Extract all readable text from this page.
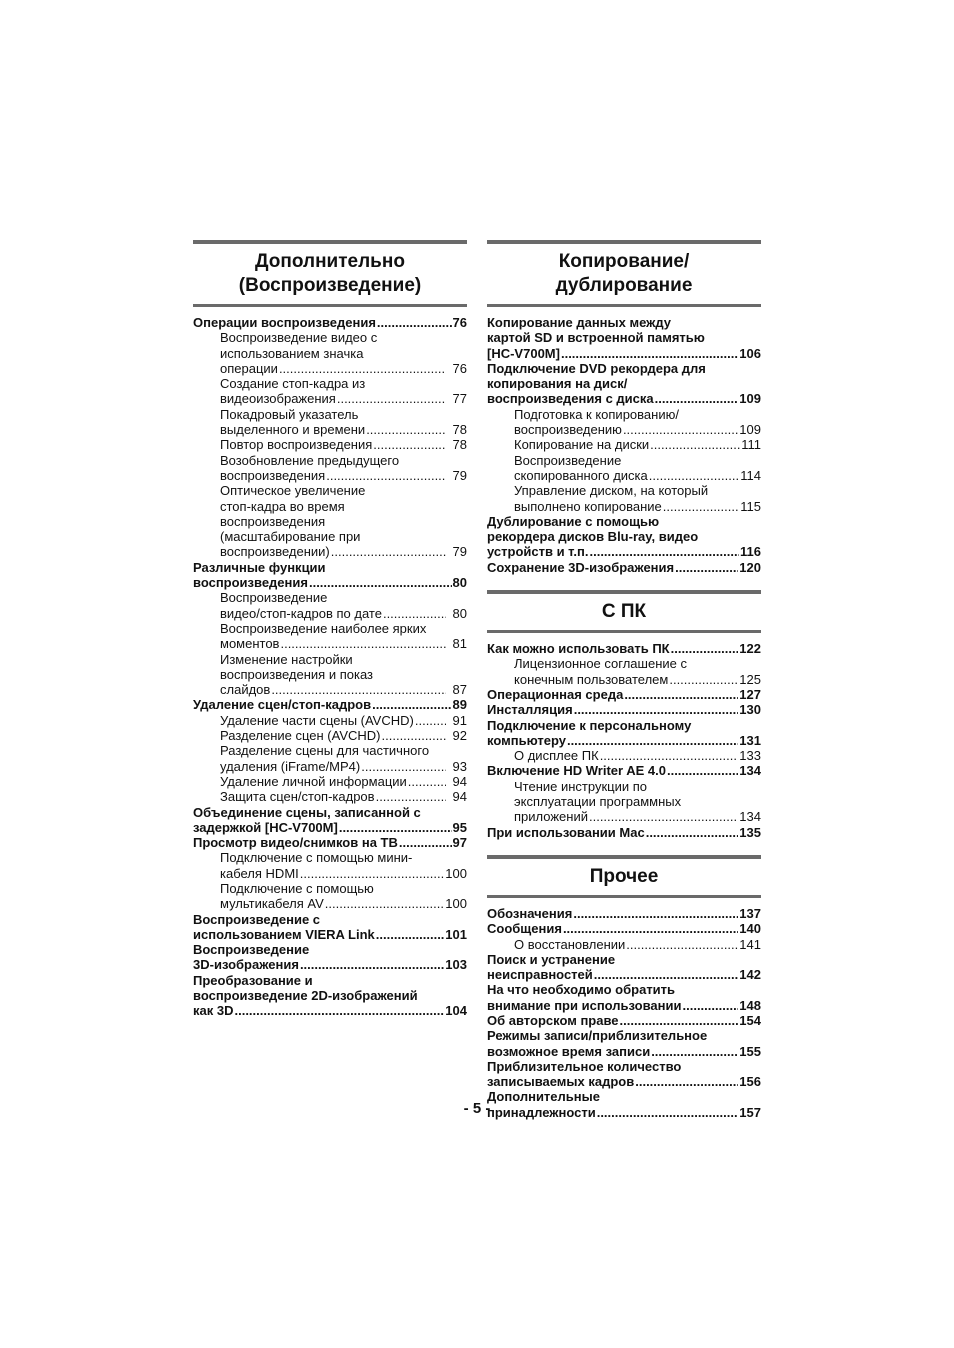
Дополнительно
(Воспроизведение)
Операции воспроизведения .....	76
Воспроизведение видео с
использованием значка
операции .....	76
Создание стоп-кадра из
видеоизображения .....	77
Покадровый указатель
выделенного и времени .....	78
Повтор воспроизведения .....	78
Возобновление предыдущего
воспроизведения .....	79
Оптическое увеличение
стоп-кадра во время
воспроизведения
(масштабирование при
воспроизведении) .....	79
Различные функции
воспроизведения .....	80
Воспроизведение
видео/стоп-кадров по дате .....	80
Воспроизведение наиболее ярких
моментов .....	81
Изменение настройки
воспроизведения и показ
слайдов .....	87
Удаление сцен/стоп-кадров .....	89
Удаление части сцены (AVCHD) .....	91
Разделение сцен (AVCHD) .....	92
Разделение сцены для частичного
удаления (iFrame/MP4) .....	93
Удаление личной информации .....	94
Защита сцен/стоп-кадров .....	94
Объединение сцены, записанной с
задержкой [HC-V700M] .....	95
Просмотр видео/снимков на ТВ .....	97
Подключение с помощью мини-
кабеля HDMI .....	100
Подключение с помощью
мультикабеля AV .....	100
Воспроизведение с
использованием VIERA Link .....	101
Воспроизведение
3D-изображения .....	103
Преобразование и
воспроизведение 2D-изображений
как 3D .....	104
Копирование/
дублирование
Копирование данных между
картой SD и встроенной памятью
[HC-V700M] .....	106
Подключение DVD рекордера для
копирования на диск/
воспроизведения с диска .....	109
Подготовка к копированию/
воспроизведению .....	109
Копирование на диски .....	111
Воспроизведение
скопированного диска .....	114
Управление диском, на который
выполнено копирование .....	115
Дублирование с помощью
рекордера дисков Blu-ray, видео
устройств и т.п. .....	116
Сохранение 3D-изображения .....	120
С ПК
Как можно использовать ПК .....	122
Лицензионное соглашение с
конечным пользователем .....	125
Операционная среда .....	127
Инсталляция .....	130
Подключение к персональному
компьютеру .....	131
О дисплее ПК .....	133
Включение HD Writer AE 4.0 .....	134
Чтение инструкции по
эксплуатации программных
приложений .....	134
При использовании Mac .....	135
Прочее
Обозначения .....	137
Сообщения .....	140
О восстановлении .....	141
Поиск и устранение
неисправностей .....	142
На что необходимо обратить
внимание при использовании .....	148
Об авторском праве .....	154
Режимы записи/приблизительное
возможное время записи .....	155
Приблизительное количество
записываемых кадров .....	156
Дополнительные
принадлежности .....	157
- 5 -
